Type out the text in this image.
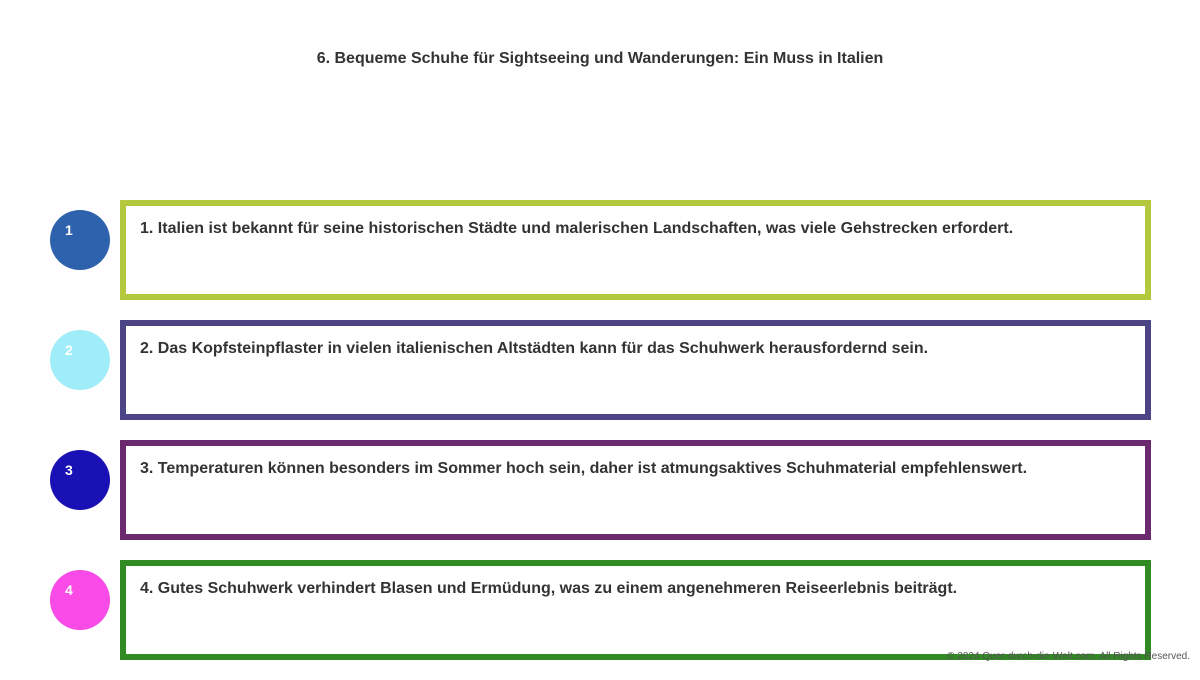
6. Bequeme Schuhe für Sightseeing und Wanderungen: Ein Muss in Italien
1	1. Italien ist bekannt für seine historischen Städte und malerischen Landschaften, was viele Gehstrecken erfordert.
2	2. Das Kopfsteinpflaster in vielen italienischen Altstädten kann für das Schuhwerk herausfordernd sein.
3	3. Temperaturen können besonders im Sommer hoch sein, daher ist atmungsaktives Schuhmaterial empfehlenswert.
4	4. Gutes Schuhwerk verhindert Blasen und Ermüdung, was zu einem angenehmeren Reiseerlebnis beiträgt.
© 2024 Quer-durch-die-Welt.com. All Rights Reserved.
